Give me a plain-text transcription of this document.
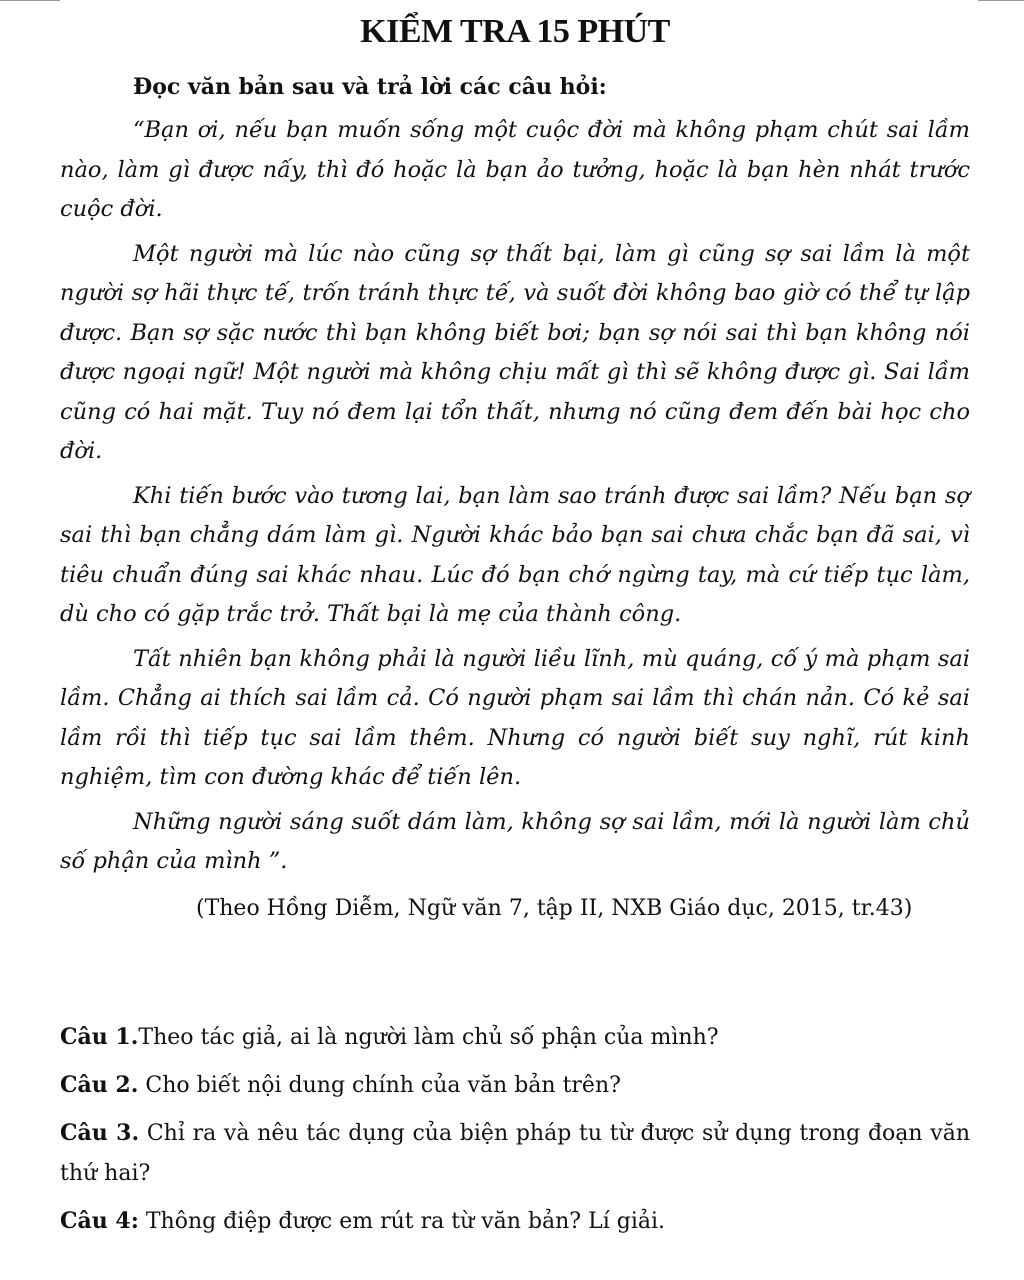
KIỂM TRA 15 PHÚT
Đọc văn bản sau và trả lời các câu hỏi:

“Bạn ơi, nếu bạn muốn sống một cuộc đời mà không phạm chút sai lầm nào, làm gì được nấy, thì đó hoặc là bạn ảo tưởng, hoặc là bạn hèn nhát trước cuộc đời.

Một người mà lúc nào cũng sợ thất bại, làm gì cũng sợ sai lầm là một người sợ hãi thực tế, trốn tránh thực tế, và suốt đời không bao giờ có thể tự lập được. Bạn sợ sặc nước thì bạn không biết bơi; bạn sợ nói sai thì bạn không nói được ngoại ngữ! Một người mà không chịu mất gì thì sẽ không được gì. Sai lầm cũng có hai mặt. Tuy nó đem lại tổn thất, nhưng nó cũng đem đến bài học cho đời.

Khi tiến bước vào tương lai, bạn làm sao tránh được sai lầm? Nếu bạn sợ sai thì bạn chẳng dám làm gì. Người khác bảo bạn sai chưa chắc bạn đã sai, vì tiêu chuẩn đúng sai khác nhau. Lúc đó bạn chớ ngừng tay, mà cứ tiếp tục làm, dù cho có gặp trắc trở. Thất bại là mẹ của thành công.

Tất nhiên bạn không phải là người liều lĩnh, mù quáng, cố ý mà phạm sai lầm. Chẳng ai thích sai lầm cả. Có người phạm sai lầm thì chán nản. Có kẻ sai lầm rồi thì tiếp tục sai lầm thêm. Nhưng có người biết suy nghĩ, rút kinh nghiệm, tìm con đường khác để tiến lên.

Những người sáng suốt dám làm, không sợ sai lầm, mới là người làm chủ số phận của mình ”.

(Theo Hồng Diễm, Ngữ văn 7, tập II, NXB Giáo dục, 2015, tr.43)

Câu 1.Theo tác giả, ai là người làm chủ số phận của mình?

Câu 2. Cho biết nội dung chính của văn bản trên?

Câu 3. Chỉ ra và nêu tác dụng của biện pháp tu từ được sử dụng trong đoạn văn thứ hai?

Câu 4: Thông điệp được em rút ra từ văn bản? Lí giải.
